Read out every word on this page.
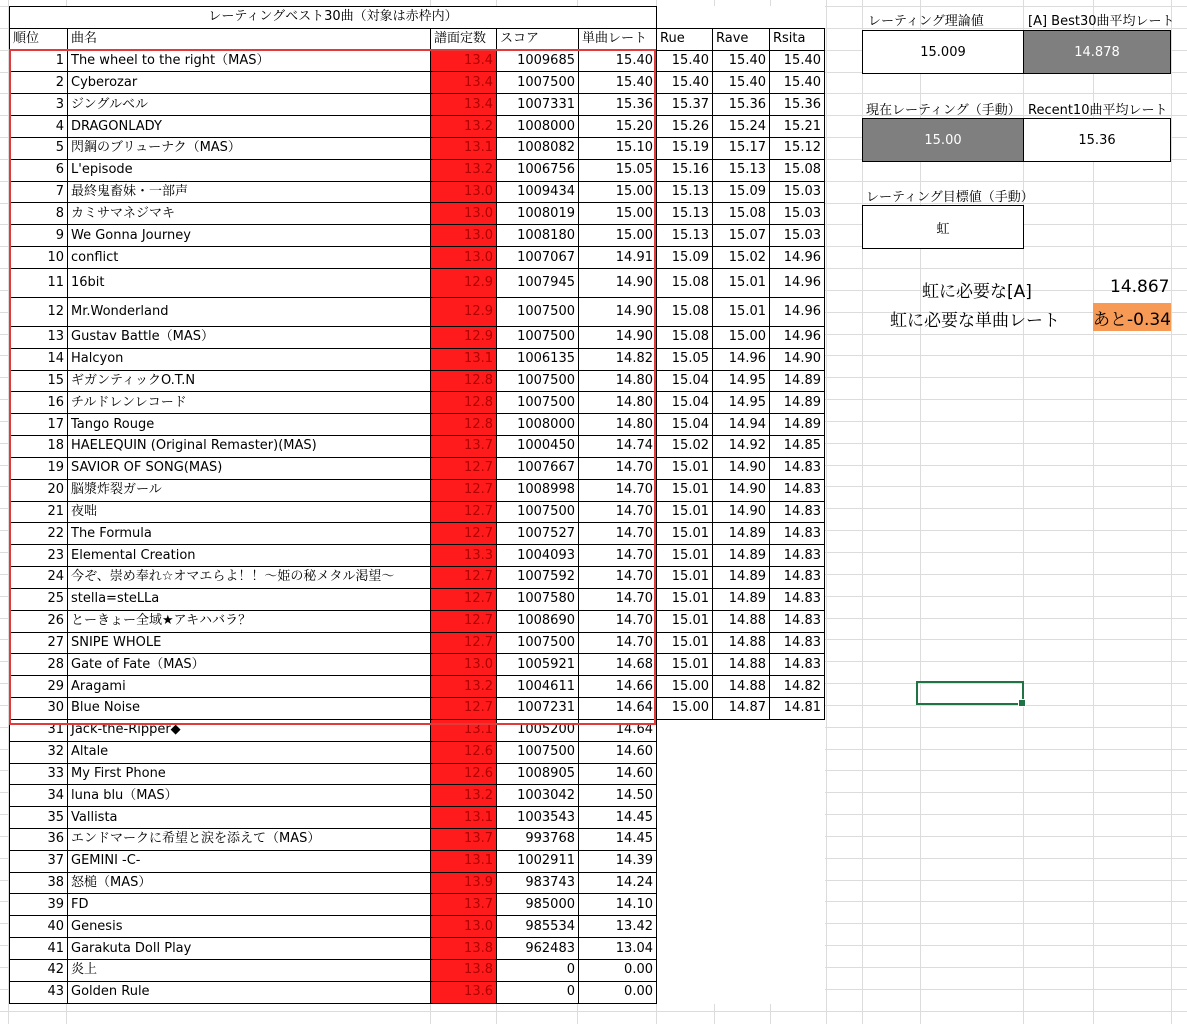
レーティングベスト30曲（対象は赤枠内）							
順位	曲名	譜面定数	スコア	単曲レート	Rue	Rave	Rsita
1	The wheel to the right（MAS）	13.4	1009685	15.40	15.40	15.40	15.40
2	Cyberozar	13.4	1007500	15.40	15.40	15.40	15.40
3	ジングルベル	13.4	1007331	15.36	15.37	15.36	15.36
4	DRAGONLADY	13.2	1008000	15.20	15.26	15.24	15.21
5	閃鋼のブリューナク（MAS）	13.1	1008082	15.10	15.19	15.17	15.12
6	L'episode	13.2	1006756	15.05	15.16	15.13	15.08
7	最終鬼畜妹・一部声	13.0	1009434	15.00	15.13	15.09	15.03
8	カミサマネジマキ	13.0	1008019	15.00	15.13	15.08	15.03
9	We Gonna Journey	13.0	1008180	15.00	15.13	15.07	15.03
10	conflict	13.0	1007067	14.91	15.09	15.02	14.96
11	16bit	12.9	1007945	14.90	15.08	15.01	14.96
12	Mr.Wonderland	12.9	1007500	14.90	15.08	15.01	14.96
13	Gustav Battle（MAS）	12.9	1007500	14.90	15.08	15.00	14.96
14	Halcyon	13.1	1006135	14.82	15.05	14.96	14.90
15	ギガンティックO.T.N	12.8	1007500	14.80	15.04	14.95	14.89
16	チルドレンレコード	12.8	1007500	14.80	15.04	14.95	14.89
17	Tango Rouge	12.8	1008000	14.80	15.04	14.94	14.89
18	HAELEQUIN (Original Remaster)(MAS)	13.7	1000450	14.74	15.02	14.92	14.85
19	SAVIOR OF SONG(MAS)	12.7	1007667	14.70	15.01	14.90	14.83
20	脳漿炸裂ガール	12.7	1008998	14.70	15.01	14.90	14.83
21	夜咄	12.7	1007500	14.70	15.01	14.90	14.83
22	The Formula	12.7	1007527	14.70	15.01	14.89	14.83
23	Elemental Creation	13.3	1004093	14.70	15.01	14.89	14.83
24	今ぞ、崇め奉れ☆オマエらよ！！～姫の秘メタル渇望～	12.7	1007592	14.70	15.01	14.89	14.83
25	stella=steLLa	12.7	1007580	14.70	15.01	14.89	14.83
26	とーきょー全域★アキハバラ？	12.7	1008690	14.70	15.01	14.88	14.83
27	SNIPE WHOLE	12.7	1007500	14.70	15.01	14.88	14.83
28	Gate of Fate（MAS）	13.0	1005921	14.68	15.01	14.88	14.83
29	Aragami	13.2	1004611	14.66	15.00	14.88	14.82
30	Blue Noise	12.7	1007231	14.64	15.00	14.87	14.81
31	Jack-the-Ripper◆	13.1	1005200	14.64			
32	Altale	12.6	1007500	14.60			
33	My First Phone	12.6	1008905	14.60			
34	luna blu（MAS）	13.2	1003042	14.50			
35	Vallista	13.1	1003543	14.45			
36	エンドマークに希望と涙を添えて（MAS）	13.7	993768	14.45			
37	GEMINI -C-	13.1	1002911	14.39			
38	怒槌（MAS）	13.9	983743	14.24			
39	FD	13.7	985000	14.10			
40	Genesis	13.0	985534	13.42			
41	Garakuta Doll Play	13.8	962483	13.04			
42	炎上	13.8	0	0.00			
43	Golden Rule	13.6	0	0.00			
レーティング理論値	[A] Best30曲平均レート
15.009	14.878
現在レーティング（手動） Recent10曲平均レート
15.00	15.36
レーティング目標値（手動）
虹
虹に必要な[A]	14.867
虹に必要な単曲レート あと-0.34
